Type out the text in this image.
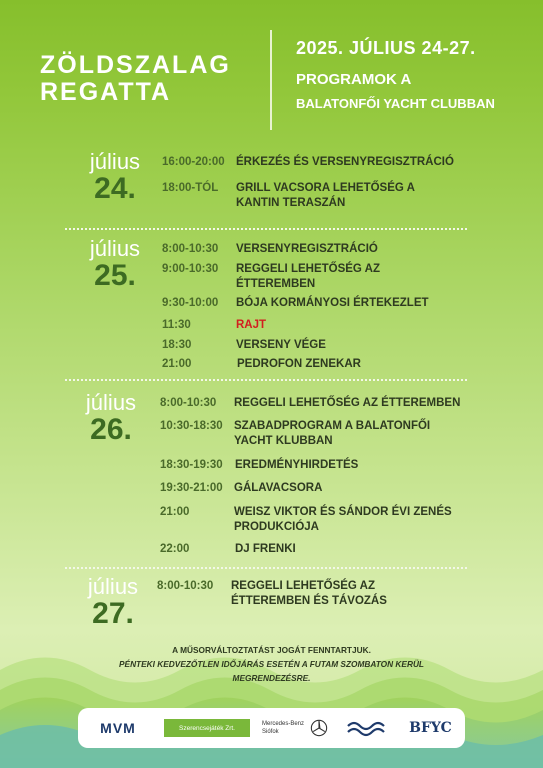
ZÖLDSZALAG
REGATTA
2025. JÚLIUS 24-27.
PROGRAMOK A
BALATONFŐI YACHT CLUBBAN
július
24.
16:00-20:00 ÉRKEZÉS ÉS VERSENYREGISZTRÁCIÓ
18:00-TÓL GRILL VACSORA LEHETŐSÉG A KANTIN TERASZÁN
július
25.
8:00-10:30 VERSENYREGISZTRÁCIÓ
9:00-10:30 REGGELI LEHETŐSÉG AZ ÉTTEREMBEN
9:30-10:00 BÓJA KORMÁNYOSI ÉRTEKEZLET
11:30	RAJT
18:30	VERSENY VÉGE
21:00	PEDROFON ZENEKAR
július
26.
8:00-10:30 REGGELI LEHETŐSÉG AZ ÉTTEREMBEN
10:30-18:30 SZABADPROGRAM A BALATONFŐI YACHT KLUBBAN
18:30-19:30 EREDMÉNYHIRDETÉS
19:30-21:00 GÁLAVACSORA
21:00	WEISZ VIKTOR ÉS SÁNDOR ÉVI ZENÉS PRODUKCIÓJA
22:00	DJ FRENKI
július
27.
8:00-10:30 REGGELI LEHETŐSÉG AZ ÉTTEREMBEN ÉS TÁVOZÁS
A MŰSORVÁLTOZTATÁST JOGÁT FENNTARTJUK.
PÉNTEKI KEDVEZŐTLEN IDŐJÁRÁS ESETÉN A FUTAM SZOMBATON KERÜL
MEGRENDEZÉSRE.
MVM	Szerencsejáték Zrt.
Mercedes-Benz
Siófok	BFYC
